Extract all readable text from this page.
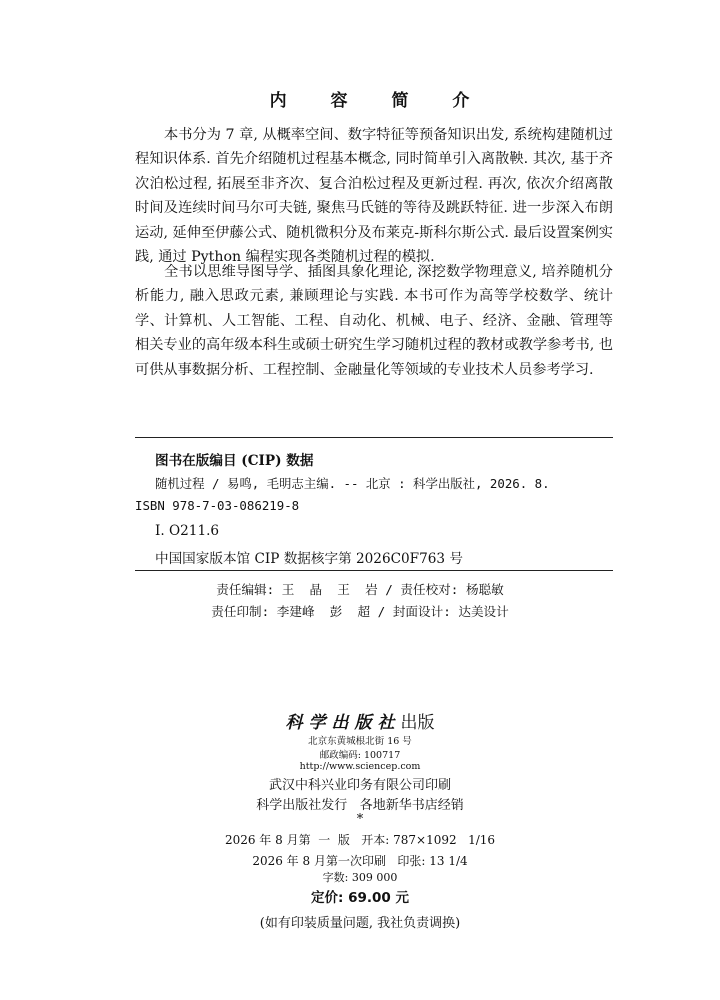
内 容 简 介

本书分为 7 章, 从概率空间、数字特征等预备知识出发, 系统构建随机过程知识体系. 首先介绍随机过程基本概念, 同时简单引入离散鞅. 其次, 基于齐次泊松过程, 拓展至非齐次、复合泊松过程及更新过程. 再次, 依次介绍离散时间及连续时间马尔可夫链, 聚焦马氏链的等待及跳跃特征. 进一步深入布朗运动, 延伸至伊藤公式、随机微积分及布莱克-斯科尔斯公式. 最后设置案例实践, 通过 Python 编程实现各类随机过程的模拟.

全书以思维导图导学、插图具象化理论, 深挖数学物理意义, 培养随机分析能力, 融入思政元素, 兼顾理论与实践. 本书可作为高等学校数学、统计学、计算机、人工智能、工程、自动化、机械、电子、经济、金融、管理等相关专业的高年级本科生或硕士研究生学习随机过程的教材或教学参考书, 也可供从事数据分析、工程控制、金融量化等领域的专业技术人员参考学习.

图书在版编目 (CIP) 数据
随机过程 / 易鸣, 毛明志主编. -- 北京 : 科学出版社, 2026. 8.
ISBN 978-7-03-086219-8
Ⅰ. O211.6
中国国家版本馆 CIP 数据核字第 2026C0F763 号
责任编辑: 王  晶  王  岩 / 责任校对: 杨聪敏
责任印制: 李建峰  彭  超 / 封面设计: 达美设计
科学出版社出版
北京东黄城根北街 16 号
邮政编码: 100717
http://www.sciencep.com
武汉中科兴业印务有限公司印刷
科学出版社发行   各地新华书店经销
*
2026 年 8 月第  一  版   开本: 787×1092   1/16
2026 年 8 月第一次印刷   印张: 13 1/4
字数: 309 000
定价: 69.00 元
(如有印装质量问题, 我社负责调换)
